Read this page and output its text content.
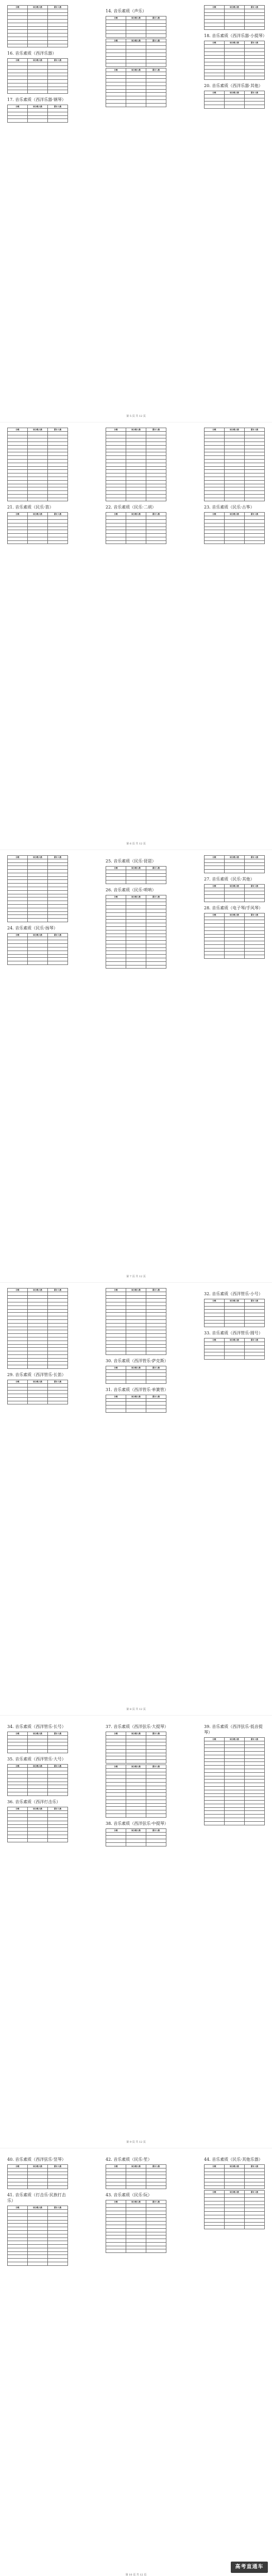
分数	该分数人数	累计人数

16. 音乐素质（西洋乐器）
分数	该分数人数	累计人数

17. 音乐素质（西洋乐器·钢琴）
分数	该分数人数	累计人数

14. 音乐素质（声乐）
分数	该分数人数	累计人数

分数	该分数人数	累计人数

分数	该分数人数	累计人数

分数	该分数人数	累计人数

18. 音乐素质（西洋乐器·小提琴）
分数	该分数人数	累计人数

20. 音乐素质（西洋乐器·其他）
分数	该分数人数	累计人数

第 5 页 共 12 页
分数	该分数人数	累计人数

21. 音乐素质（民乐·笛）
分数	该分数人数	累计人数

分数	该分数人数	累计人数

22. 音乐素质（民乐·二胡）
分数	该分数人数	累计人数

分数	该分数人数	累计人数

23. 音乐素质（民乐·古筝）
分数	该分数人数	累计人数

第 6 页 共 12 页
分数	该分数人数	累计人数

24. 音乐素质（民乐·扬琴）
分数	该分数人数	累计人数

25. 音乐素质（民乐·琵琶）
分数	该分数人数	累计人数

26. 音乐素质（民乐·唢呐）
分数	该分数人数	累计人数

分数	该分数人数	累计人数

27. 音乐素质（民乐·其他）
分数	该分数人数	累计人数

28. 音乐素质（电子琴/手风琴）
分数	该分数人数	累计人数

第 7 页 共 12 页
分数	该分数人数	累计人数

29. 音乐素质（西洋管乐·长笛）
分数	该分数人数	累计人数

分数	该分数人数	累计人数

30. 音乐素质（西洋管乐·萨克斯）
分数	该分数人数	累计人数

31. 音乐素质（西洋管乐·单簧管）
分数	该分数人数	累计人数

32. 音乐素质（西洋管乐·小号）
分数	该分数人数	累计人数

33. 音乐素质（西洋管乐·圆号）
分数	该分数人数	累计人数

第 8 页 共 12 页
34. 音乐素质（西洋管乐·长号）
分数	该分数人数	累计人数

35. 音乐素质（西洋管乐·大号）
分数	该分数人数	累计人数

36. 音乐素质（西洋打击乐）
分数	该分数人数	累计人数

37. 音乐素质（西洋弦乐·大提琴）
分数	该分数人数	累计人数

分数	该分数人数	累计人数

38. 音乐素质（西洋弦乐·中提琴）
分数	该分数人数	累计人数

39. 音乐素质（西洋弦乐·低音提琴）
分数	该分数人数	累计人数

第 9 页 共 12 页
40. 音乐素质（西洋弦乐·竖琴）
分数	该分数人数	累计人数

41. 音乐素质（打击乐·民族打击乐）
分数	该分数人数	累计人数

42. 音乐素质（民乐·笙）
分数	该分数人数	累计人数

43. 音乐素质（民乐·阮）
分数	该分数人数	累计人数

44. 音乐素质（民乐·其他乐器）
分数	该分数人数	累计人数

分数	该分数人数	累计人数

第 10 页 共 12 页

高考直通车
